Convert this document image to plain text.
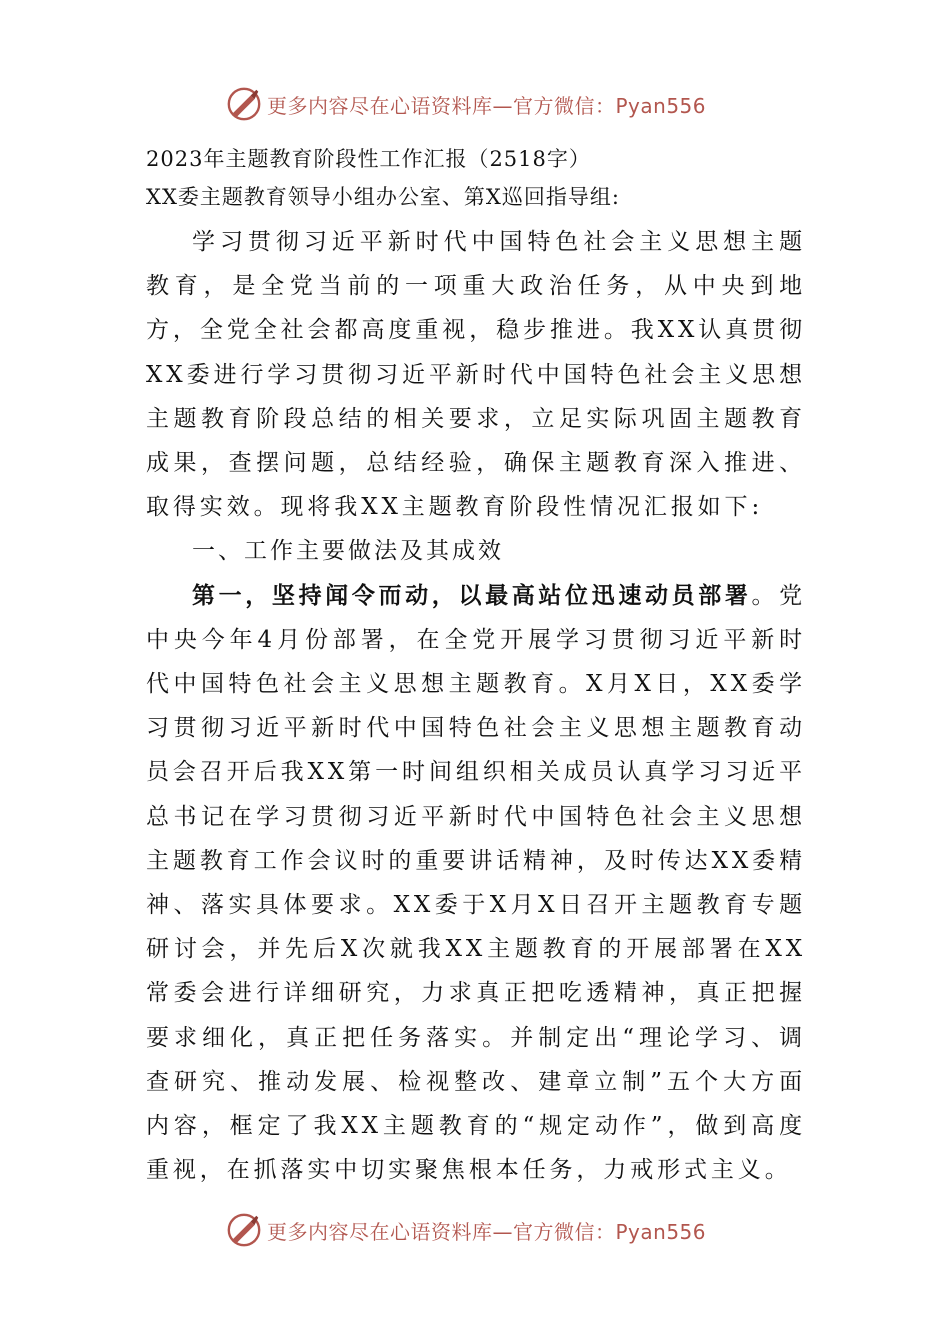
更多内容尽在心语资料库—官方微信：Pyan556
2023年主题教育阶段性工作汇报（2518字）
XX委主题教育领导小组办公室、第X巡回指导组:

学习贯彻习近平新时代中国特色社会主义思想主题教育，是全党当前的一项重大政治任务，从中央到地方，全党全社会都高度重视，稳步推进。我XX认真贯彻XX委进行学习贯彻习近平新时代中国特色社会主义思想主题教育阶段总结的相关要求，立足实际巩固主题教育成果，查摆问题，总结经验，确保主题教育深入推进、取得实效。现将我XX主题教育阶段性情况汇报如下:

一、工作主要做法及其成效

第一，坚持闻令而动，以最高站位迅速动员部署。党中央今年4月份部署，在全党开展学习贯彻习近平新时代中国特色社会主义思想主题教育。X月X日，XX委学习贯彻习近平新时代中国特色社会主义思想主题教育动员会召开后我XX第一时间组织相关成员认真学习习近平总书记在学习贯彻习近平新时代中国特色社会主义思想主题教育工作会议时的重要讲话精神，及时传达XX委精神、落实具体要求。XX委于X月X日召开主题教育专题研讨会，并先后X次就我XX主题教育的开展部署在XX常委会进行详细研究，力求真正把吃透精神，真正把握要求细化，真正把任务落实。并制定出“理论学习、调查研究、推动发展、检视整改、建章立制”五个大方面内容，框定了我XX主题教育的“规定动作”，做到高度重视，在抓落实中切实聚焦根本任务，力戒形式主义。

更多内容尽在心语资料库—官方微信：Pyan556
